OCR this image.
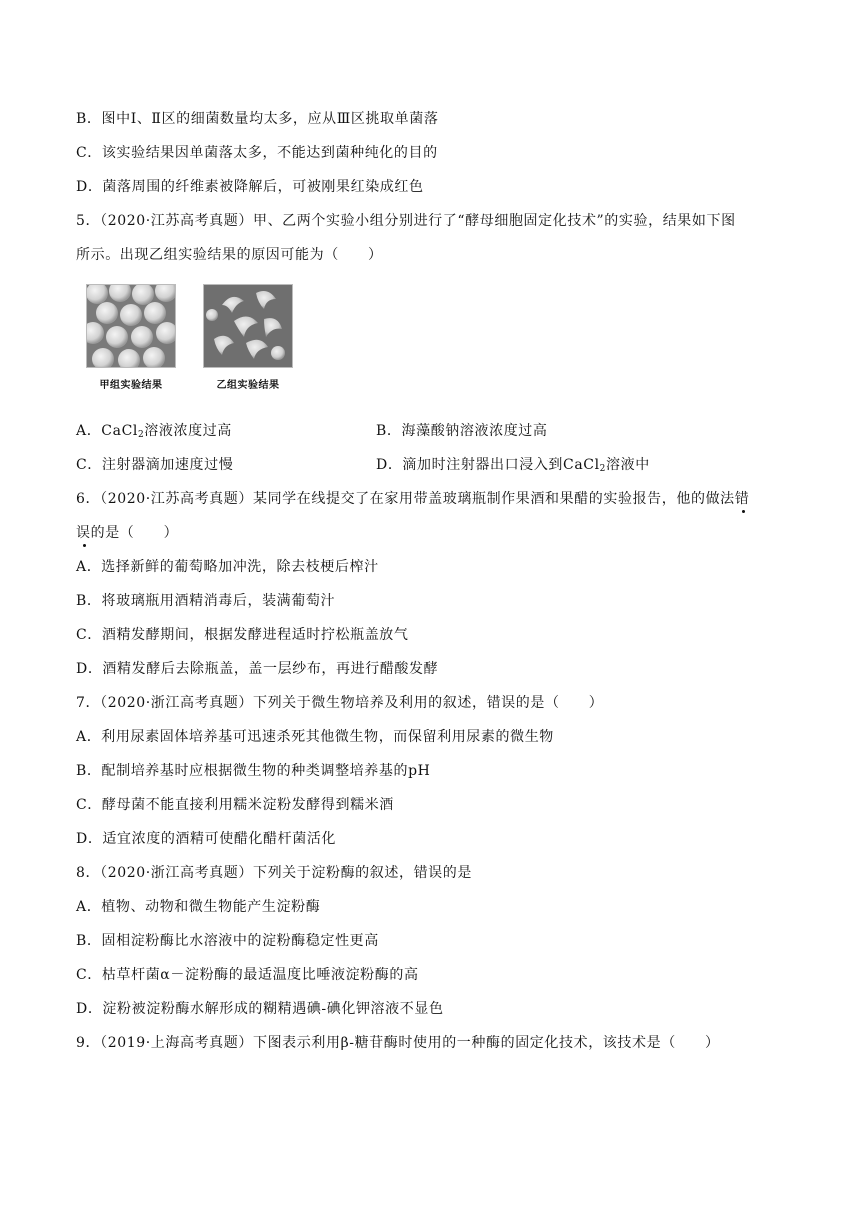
B．图中Ⅰ、Ⅱ区的细菌数量均太多，应从Ⅲ区挑取单菌落
C．该实验结果因单菌落太多，不能达到菌种纯化的目的
D．菌落周围的纤维素被降解后，可被刚果红染成红色
5．（2020·江苏高考真题）甲、乙两个实验小组分别进行了“酵母细胞固定化技术”的实验，结果如下图
所示。出现乙组实验结果的原因可能为（　　）
甲组实验结果	乙组实验结果
A．CaCl$_2$溶液浓度过高	B．海藻酸钠溶液浓度过高
C．注射器滴加速度过慢	D．滴加时注射器出口浸入到CaCl$_2$溶液中
6．（2020·江苏高考真题）某同学在线提交了在家用带盖玻璃瓶制作果酒和果醋的实验报告，他的做法错
误的是（　　）
A．选择新鲜的葡萄略加冲洗，除去枝梗后榨汁
B．将玻璃瓶用酒精消毒后，装满葡萄汁
C．酒精发酵期间，根据发酵进程适时拧松瓶盖放气
D．酒精发酵后去除瓶盖，盖一层纱布，再进行醋酸发酵
7．（2020·浙江高考真题）下列关于微生物培养及利用的叙述，错误的是（　　）
A．利用尿素固体培养基可迅速杀死其他微生物，而保留利用尿素的微生物
B．配制培养基时应根据微生物的种类调整培养基的pH
C．酵母菌不能直接利用糯米淀粉发酵得到糯米酒
D．适宜浓度的酒精可使醋化醋杆菌活化
8．（2020·浙江高考真题）下列关于淀粉酶的叙述，错误的是
A．植物、动物和微生物能产生淀粉酶
B．固相淀粉酶比水溶液中的淀粉酶稳定性更高
C．枯草杆菌α－淀粉酶的最适温度比唾液淀粉酶的高
D．淀粉被淀粉酶水解形成的糊精遇碘-碘化钾溶液不显色
9．（2019·上海高考真题）下图表示利用β-糖苷酶时使用的一种酶的固定化技术，该技术是（　　）
